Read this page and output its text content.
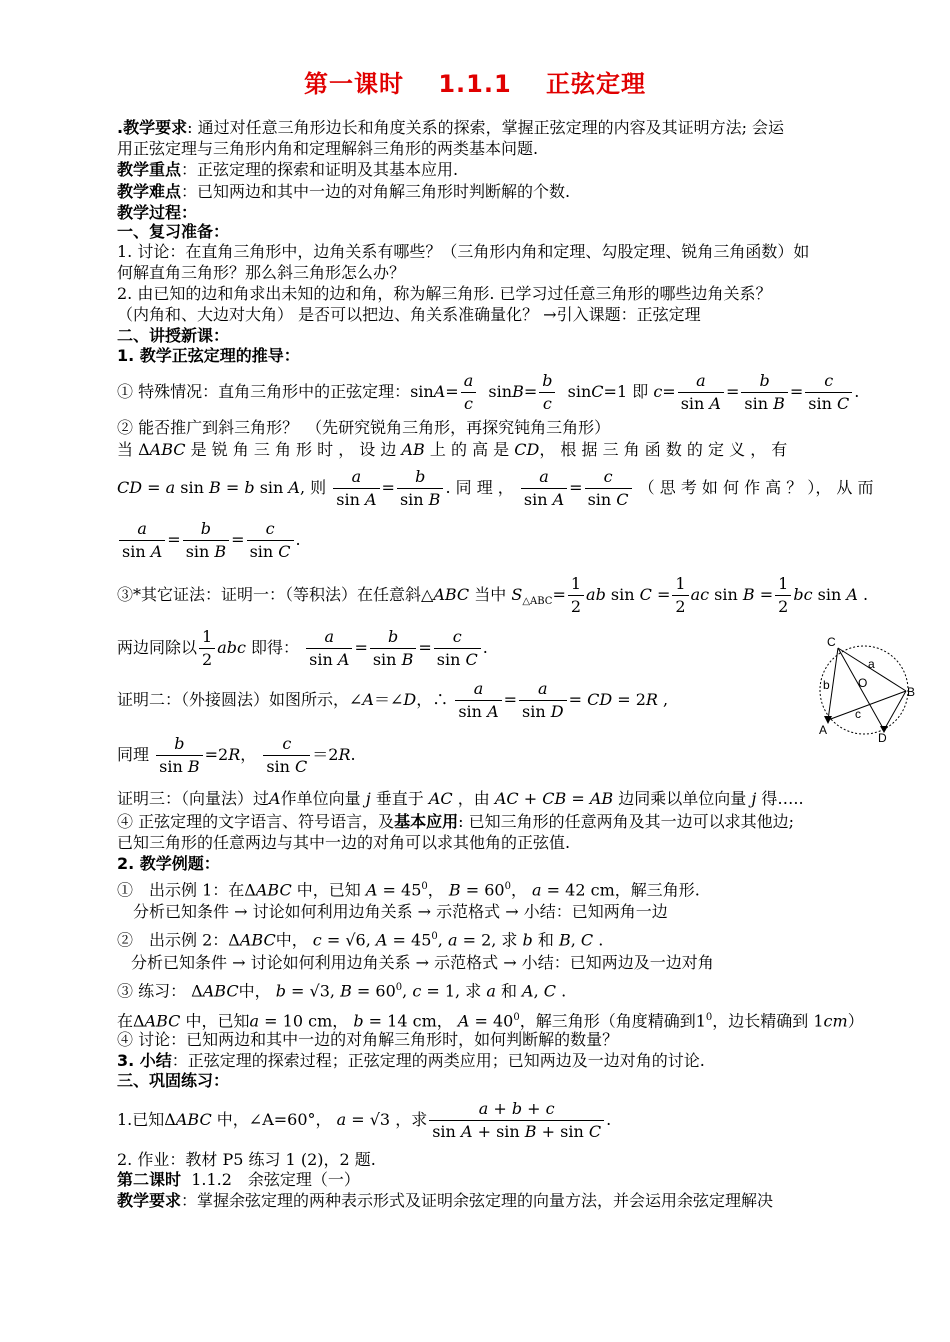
第一课时　 1.1.1　 正弦定理
.教学要求: 通过对任意三角形边长和角度关系的探索，掌握正弦定理的内容及其证明方法; 会运
用正弦定理与三角形内角和定理解斜三角形的两类基本问题.
教学重点：正弦定理的探索和证明及其基本应用.
教学难点：已知两边和其中一边的对角解三角形时判断解的个数.
教学过程：
一、复习准备：
1. 讨论：在直角三角形中，边角关系有哪些？（三角形内角和定理、勾股定理、锐角三角函数）如
何解直角三角形？那么斜三角形怎么办？
2. 由已知的边和角求出未知的边和角，称为解三角形. 已学习过任意三角形的哪些边角关系？
（内角和、大边对大角） 是否可以把边、角关系准确量化？ →引入课题：正弦定理
二、讲授新课：
1. 教学正弦定理的推导：
① 特殊情况：直角三角形中的正弦定理：$\sin A= \frac{a}{c} \sin B= \frac{b}{c} \sin C=1$ 即 $c= \frac{a}{\text{sin A}} = \frac{b}{\text{sin B}} = \frac{c}{\text{sin C}}$ .
② 能否推广到斜三角形？　（先研究锐角三角形，再探究钝角三角形）
当 ΔABC 是 锐 角 三 角 形 时 ， 设 边 AB 上 的 高 是 CD， 根 据 三 角 函 数 的 定 义 ， 有
CD = a sin B = b sin A, 则 $\frac{a}{\text{sin A}} = \frac{b}{\text{sin B}}$ . 同 理 ， $\frac{a}{\text{sin A}} = \frac{c}{\text{sin C}}$ （ 思 考 如 何 作 高 ？ ）， 从 而
$\frac{a}{\text{sin A}} = \frac{b}{\text{sin B}} = \frac{c}{\text{sin C}}$ .
③*其它证法：证明一：（等积法）在任意斜△ABC 当中 $S_{\triangle ABC}= \frac{1}{2}$ ab $\sin C = \frac{1}{2}$ ac $\sin B = \frac{1}{2}$ bc sin A .
两边同除以 $\frac{1}{2}$ abc 即得： $\frac{a}{\text{sin A}} = \frac{b}{\text{sin B}} = \frac{c}{\text{sin C}}$ .
证明二：（外接圆法）如图所示，∠A＝∠D，∴ $\frac{a}{\text{sin A}} = \frac{a}{\text{sin D}}$ = CD = 2R ,
同理 $\frac{b}{\text{sin B}} =2R$， $\frac{c}{\text{sin C}} =2R$.
证明三：（向量法）过A作单位向量 j 垂直于 AC ，由 AC + CB = AB 边同乘以单位向量 j 得…..
④ 正弦定理的文字语言、符号语言，及基本应用: 已知三角形的任意两角及其一边可以求其他边;
已知三角形的任意两边与其中一边的对角可以求其他角的正弦值.
2. 教学例题：
①　出示例 1：在ΔABC 中，已知 $A = 45^0$， $B = 60^0$， a = 42 cm，解三角形.
分析已知条件 → 讨论如何利用边角关系 → 示范格式 → 小结：已知两角一边
②　出示例 2：ΔABC中， c = √6, $A = 45^0$, a = 2, 求 b 和 B, C .
分析已知条件 → 讨论如何利用边角关系 → 示范格式 → 小结：已知两边及一边对角
③ 练习： ΔABC中， b = √3, $B = 60^0$, c = 1, 求 a 和 A, C .
在ΔABC 中，已知a = 10 cm， b = 14 cm， $A = 40^0$，解三角形（角度精确到$1^0$，边长精确到 1cm）
④ 讨论：已知两边和其中一边的对角解三角形时，如何判断解的数量？
3. 小结：正弦定理的探索过程；正弦定理的两类应用；已知两边及一边对角的讨论.
三、巩固练习：
1.已知ΔABC 中，∠A=60°， a = √3 ，求 $\frac{a + b + c}{\text{sin A + sin B + sin C}}$ .
2. 作业：教材 P5 练习 1 (2)，2 题.
第二课时 1.1.2　余弦定理（一）
教学要求：掌握余弦定理的两种表示形式及证明余弦定理的向量方法，并会运用余弦定理解决
C
a
b O
B
c
A
D
